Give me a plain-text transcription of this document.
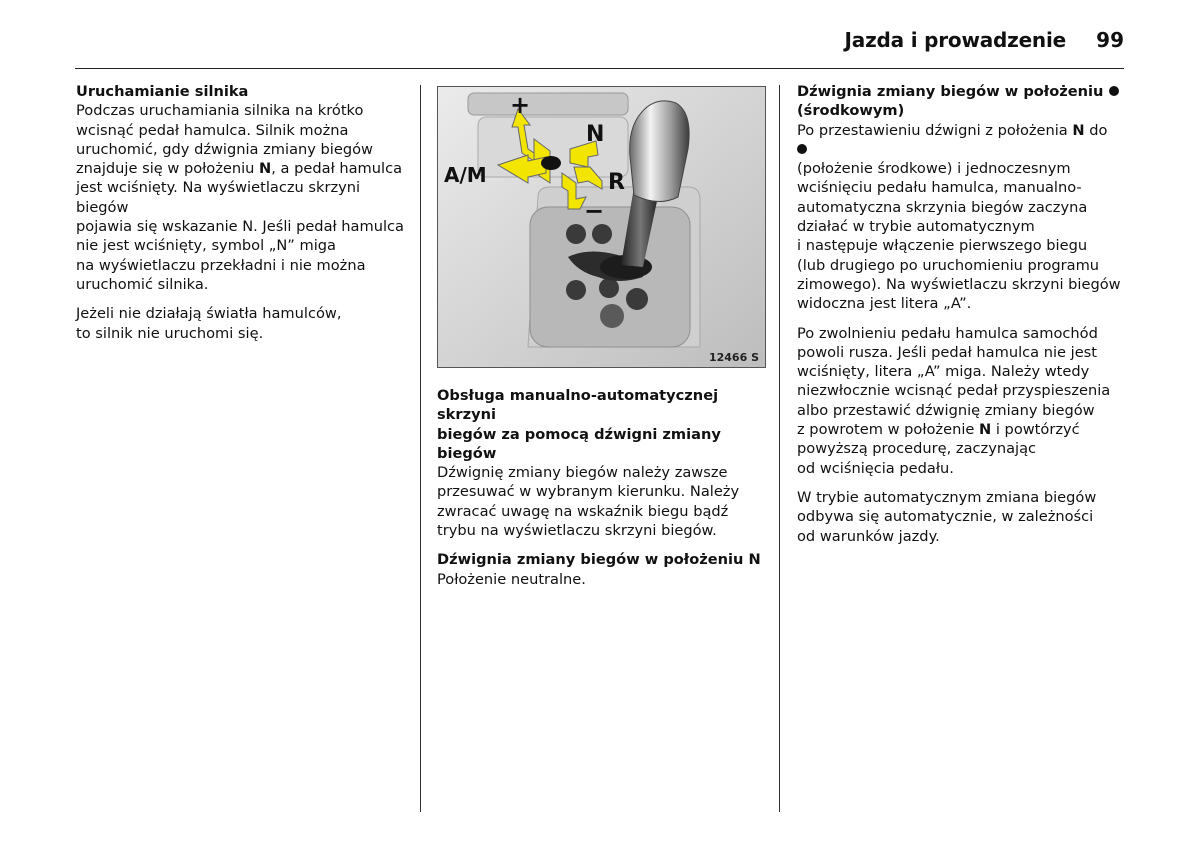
Jazda i prowadzenie 99
Uruchamianie silnika

Podczas uruchamiania silnika na krótko
wcisnąć pedał hamulca. Silnik można
uruchomić, gdy dźwignia zmiany biegów
znajduje się w położeniu N, a pedał hamulca
jest wciśnięty. Na wyświetlaczu skrzyni biegów
pojawia się wskazanie N. Jeśli pedał hamulca
nie jest wciśnięty, symbol „N” miga
na wyświetlaczu przekładni i nie można
uruchomić silnika.

Jeżeli nie działają światła hamulców,
to silnik nie uruchomi się.

+
−
A/M
N
R
12466 S
Obsługa manualno-automatycznej skrzyni
biegów za pomocą dźwigni zmiany biegów

Dźwignię zmiany biegów należy zawsze
przesuwać w wybranym kierunku. Należy
zwracać uwagę na wskaźnik biegu bądź
trybu na wyświetlaczu skrzyni biegów.

Dźwignia zmiany biegów w położeniu N

Położenie neutralne.

Dźwignia zmiany biegów w położeniu
(środkowym)

Po przestawieniu dźwigni z położenia N do
(położenie środkowe) i jednoczesnym
wciśnięciu pedału hamulca, manualno-
automatyczna skrzynia biegów zaczyna
działać w trybie automatycznym
i następuje włączenie pierwszego biegu
(lub drugiego po uruchomieniu programu
zimowego). Na wyświetlaczu skrzyni biegów
widoczna jest litera „A”.

Po zwolnieniu pedału hamulca samochód
powoli rusza. Jeśli pedał hamulca nie jest
wciśnięty, litera „A” miga. Należy wtedy
niezwłocznie wcisnąć pedał przyspieszenia
albo przestawić dźwignię zmiany biegów
z powrotem w położenie N i powtórzyć
powyższą procedurę, zaczynając
od wciśnięcia pedału.

W trybie automatycznym zmiana biegów
odbywa się automatycznie, w zależności
od warunków jazdy.
